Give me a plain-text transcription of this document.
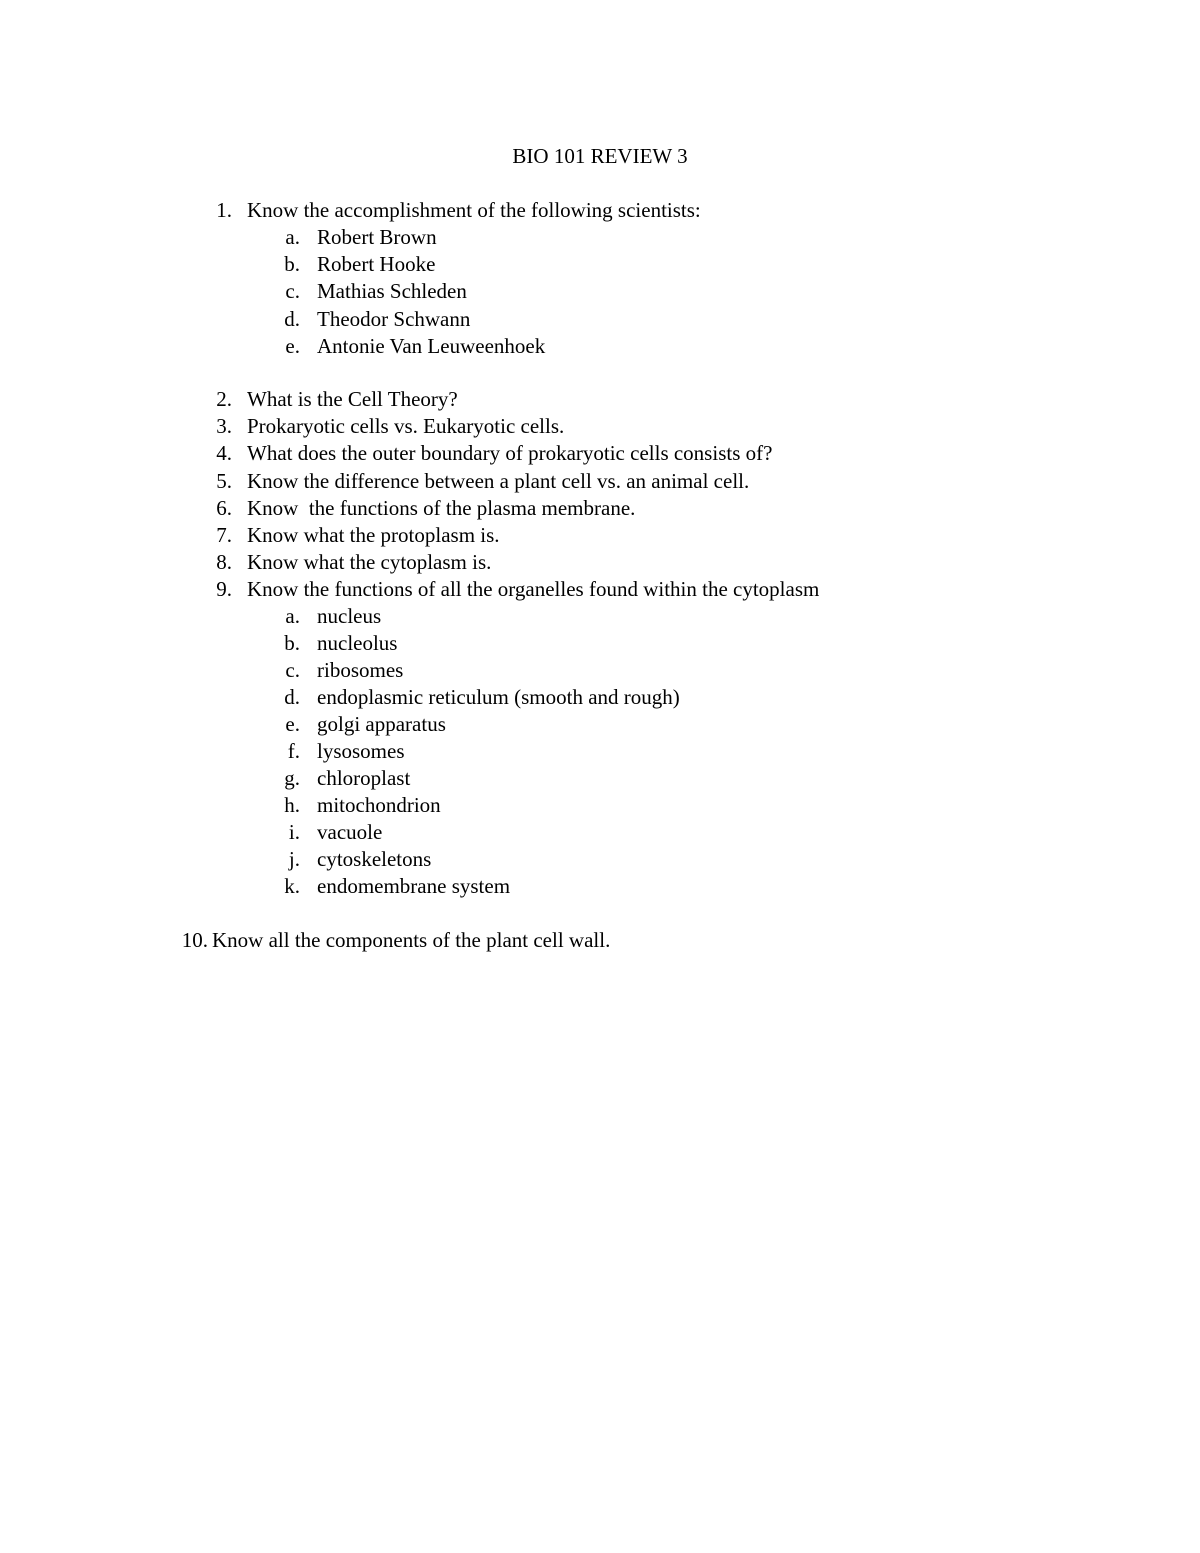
BIO 101 REVIEW 3
1. Know the accomplishment of the following scientists:
a. Robert Brown
b. Robert Hooke
c. Mathias Schleden
d. Theodor Schwann
e. Antonie Van Leuweenhoek
2. What is the Cell Theory?
3. Prokaryotic cells vs. Eukaryotic cells.
4. What does the outer boundary of prokaryotic cells consists of?
5. Know the difference between a plant cell vs. an animal cell.
6. Know  the functions of the plasma membrane.
7. Know what the protoplasm is.
8. Know what the cytoplasm is.
9. Know the functions of all the organelles found within the cytoplasm
a. nucleus
b. nucleolus
c. ribosomes
d. endoplasmic reticulum (smooth and rough)
e. golgi apparatus
f. lysosomes
g. chloroplast
h. mitochondrion
i. vacuole
j. cytoskeletons
k. endomembrane system
10. Know all the components of the plant cell wall.
